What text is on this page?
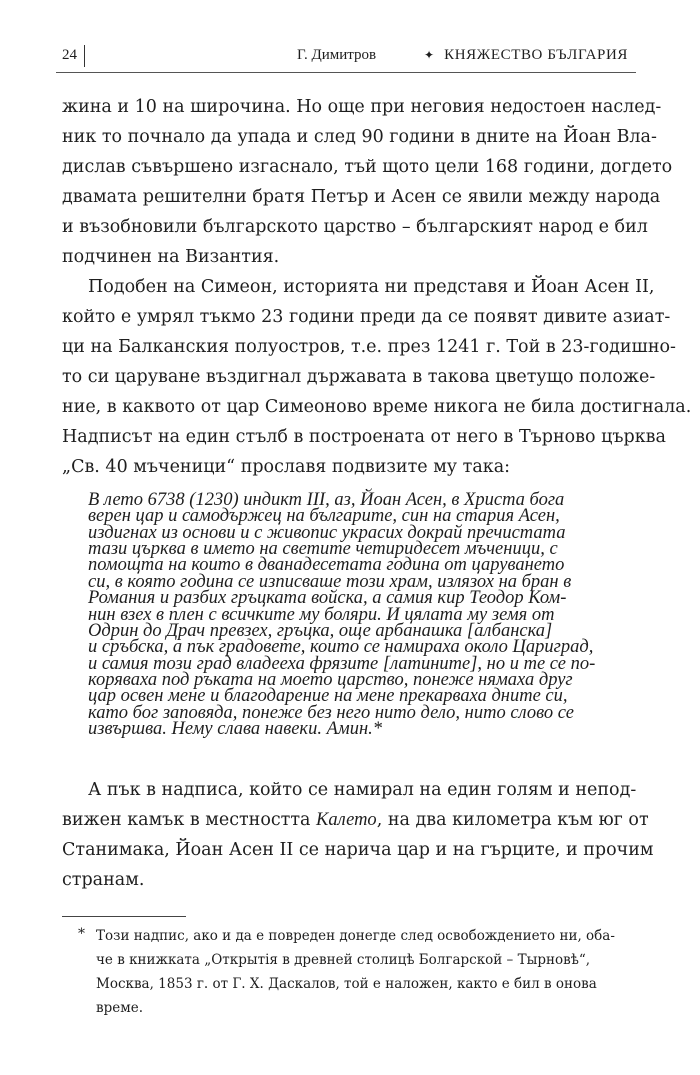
24	Г. Димитров	✦ КНЯЖЕСТВО БЪЛГАРИЯ
жина и 10 на широчина. Но още при неговия недостоен наслед-
ник то почнало да упада и след 90 години в дните на Йоан Вла-
дислав съвършено изгаснало, тъй щото цели 168 години, догдето
двамата решителни братя Петър и Асен се явили между народа
и възобновили българското царство – българският народ е бил
подчинен на Византия.
Подобен на Симеон, историята ни представя и Йоан Асен II,
който е умрял тъкмо 23 години преди да се появят дивите азиат-
ци на Балканския полуостров, т.е. през 1241 г. Той в 23-годишно-
то си царуване въздигнал държавата в такова цветущо положе-
ние, в каквото от цар Симеоново време никога не била достигнала.
Надписът на един стълб в построената от него в Търново църква
„Св. 40 мъченици“ прославя подвизите му така:
В лето 6738 (1230) индикт III, аз, Йоан Асен, в Христа бога
верен цар и самодържец на българите, син на стария Асен,
издигнах из основи и с живопис украсих докрай пречистата
тази църква в името на светите четиридесет мъченици, с
помощта на които в дванадесетата година от царуването
си, в която година се изписваше този храм, излязох на бран в
Романия и разбих гръцката войска, а самия кир Теодор Ком-
нин взех в плен с всичките му боляри. И цялата му земя от
Одрин до Драч превзех, гръцка, още арбанашка [албанска]
и сръбска, а пък градовете, които се намираха около Цариград,
и самия този град владееха фрязите [латините], но и те се по-
коряваха под ръката на моето царство, понеже нямаха друг
цар освен мене и благодарение на мене прекарваха дните си,
като бог заповяда, понеже без него нито дело, нито слово се
извършва. Нему слава навеки. Амин.*
А пък в надписа, който се намирал на един голям и непод-
вижен камък в местността Калето, на два километра към юг от
Станимака, Йоан Асен II се нарича цар и на гърците, и прочим
странам.
* Този надпис, ако и да е повреден донегде след освобождението ни, оба-
че в книжката „Открытія в древней столицѣ Болгарской – Тырновѣ“,
Москва, 1853 г. от Г. Х. Даскалов, той е наложен, както е бил в онова
време.
